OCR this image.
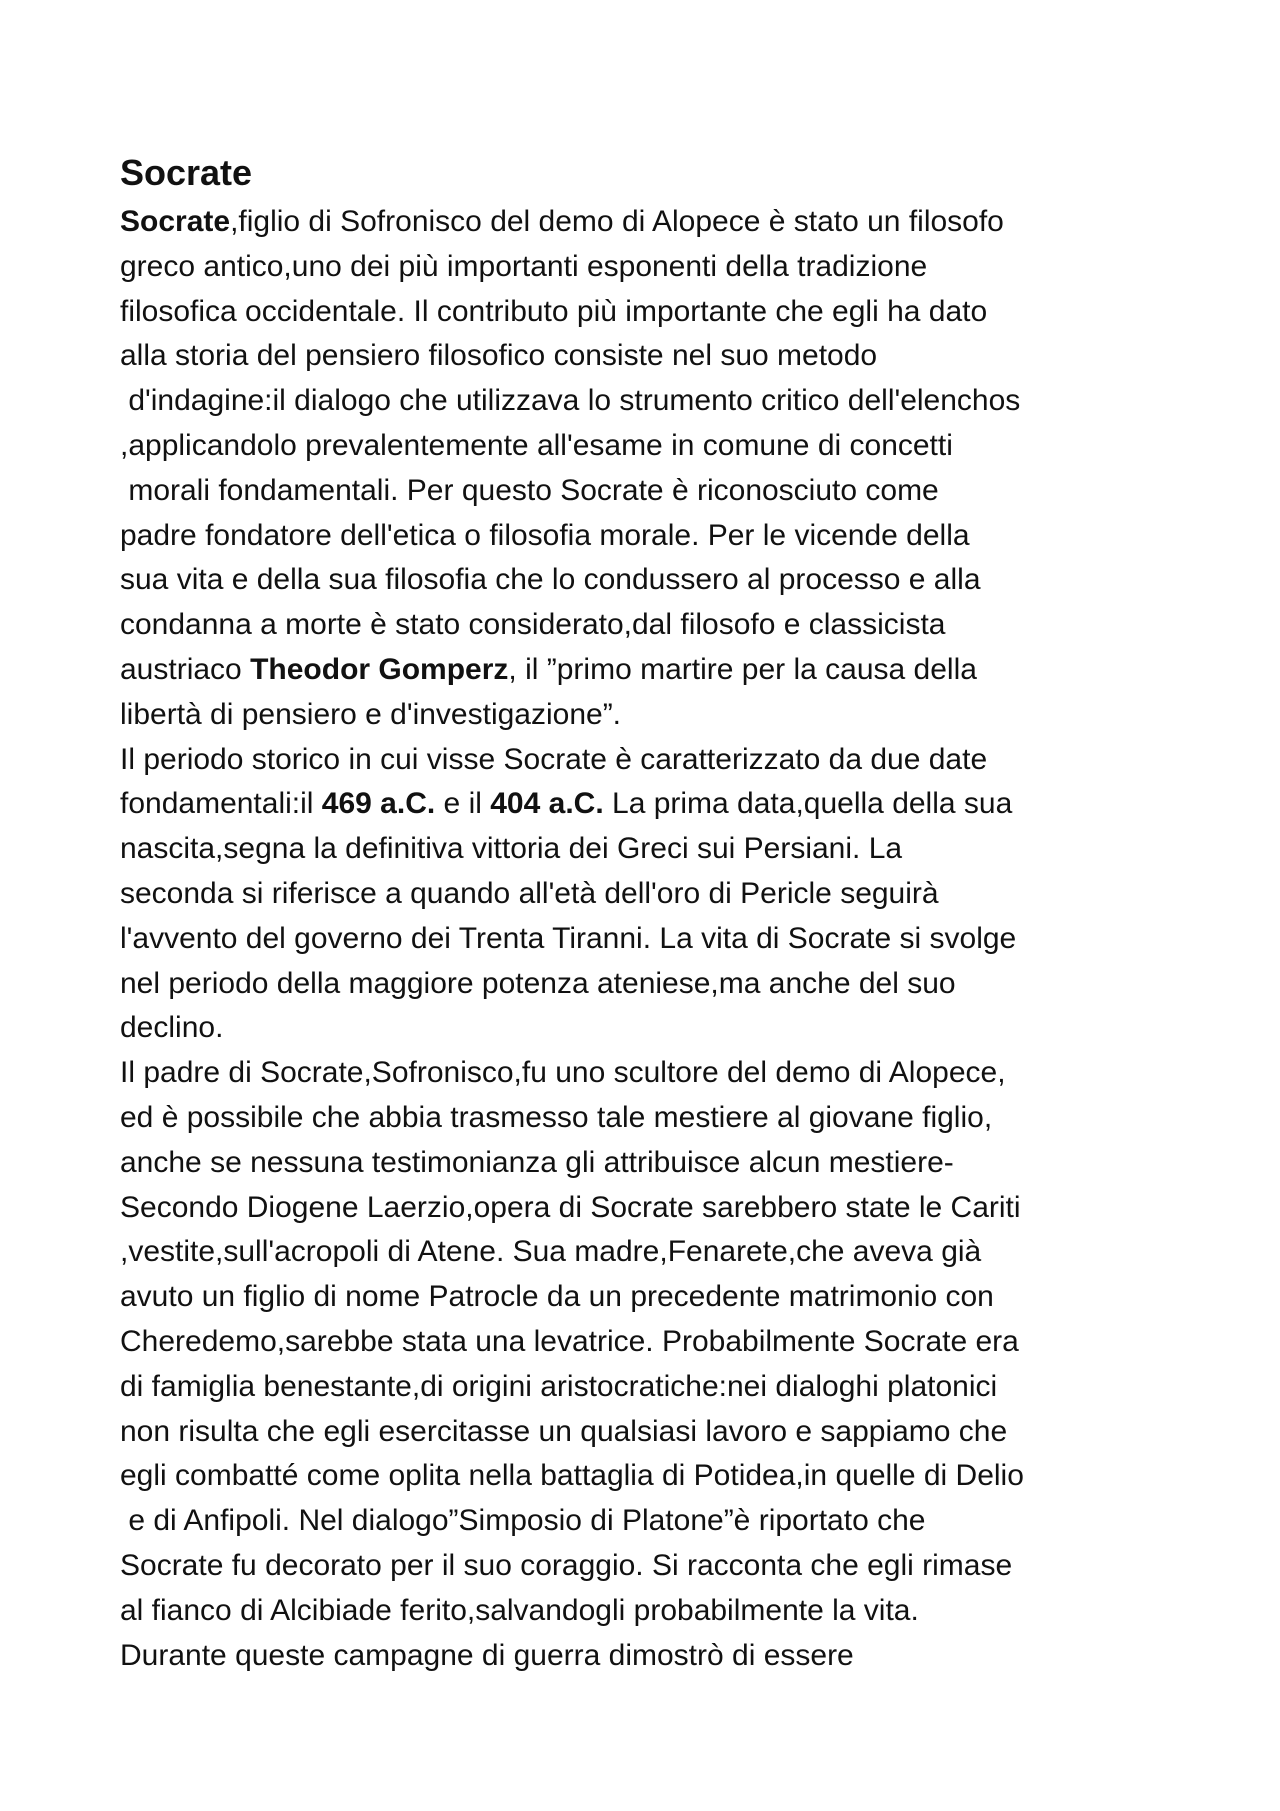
Socrate
Socrate,figlio di Sofronisco del demo di Alopece è stato un filosofo
greco antico,uno dei più importanti esponenti della tradizione
filosofica occidentale. Il contributo più importante che egli ha dato
alla storia del pensiero filosofico consiste nel suo metodo
d'indagine:il dialogo che utilizzava lo strumento critico dell'elenchos
,applicandolo prevalentemente all'esame in comune di concetti
morali fondamentali. Per questo Socrate è riconosciuto come
padre fondatore dell'etica o filosofia morale. Per le vicende della
sua vita e della sua filosofia che lo condussero al processo e alla
condanna a morte è stato considerato,dal filosofo e classicista
austriaco Theodor Gomperz, il ”primo martire per la causa della
libertà di pensiero e d'investigazione”.
Il periodo storico in cui visse Socrate è caratterizzato da due date
fondamentali:il 469 a.C. e il 404 a.C. La prima data,quella della sua
nascita,segna la definitiva vittoria dei Greci sui Persiani. La
seconda si riferisce a quando all'età dell'oro di Pericle seguirà
l'avvento del governo dei Trenta Tiranni. La vita di Socrate si svolge
nel periodo della maggiore potenza ateniese,ma anche del suo
declino.
Il padre di Socrate,Sofronisco,fu uno scultore del demo di Alopece,
ed è possibile che abbia trasmesso tale mestiere al giovane figlio,
anche se nessuna testimonianza gli attribuisce alcun mestiere-
Secondo Diogene Laerzio,opera di Socrate sarebbero state le Cariti
,vestite,sull'acropoli di Atene. Sua madre,Fenarete,che aveva già
avuto un figlio di nome Patrocle da un precedente matrimonio con
Cheredemo,sarebbe stata una levatrice. Probabilmente Socrate era
di famiglia benestante,di origini aristocratiche:nei dialoghi platonici
non risulta che egli esercitasse un qualsiasi lavoro e sappiamo che
egli combatté come oplita nella battaglia di Potidea,in quelle di Delio
e di Anfipoli. Nel dialogo”Simposio di Platone”è riportato che
Socrate fu decorato per il suo coraggio. Si racconta che egli rimase
al fianco di Alcibiade ferito,salvandogli probabilmente la vita.
Durante queste campagne di guerra dimostrò di essere
